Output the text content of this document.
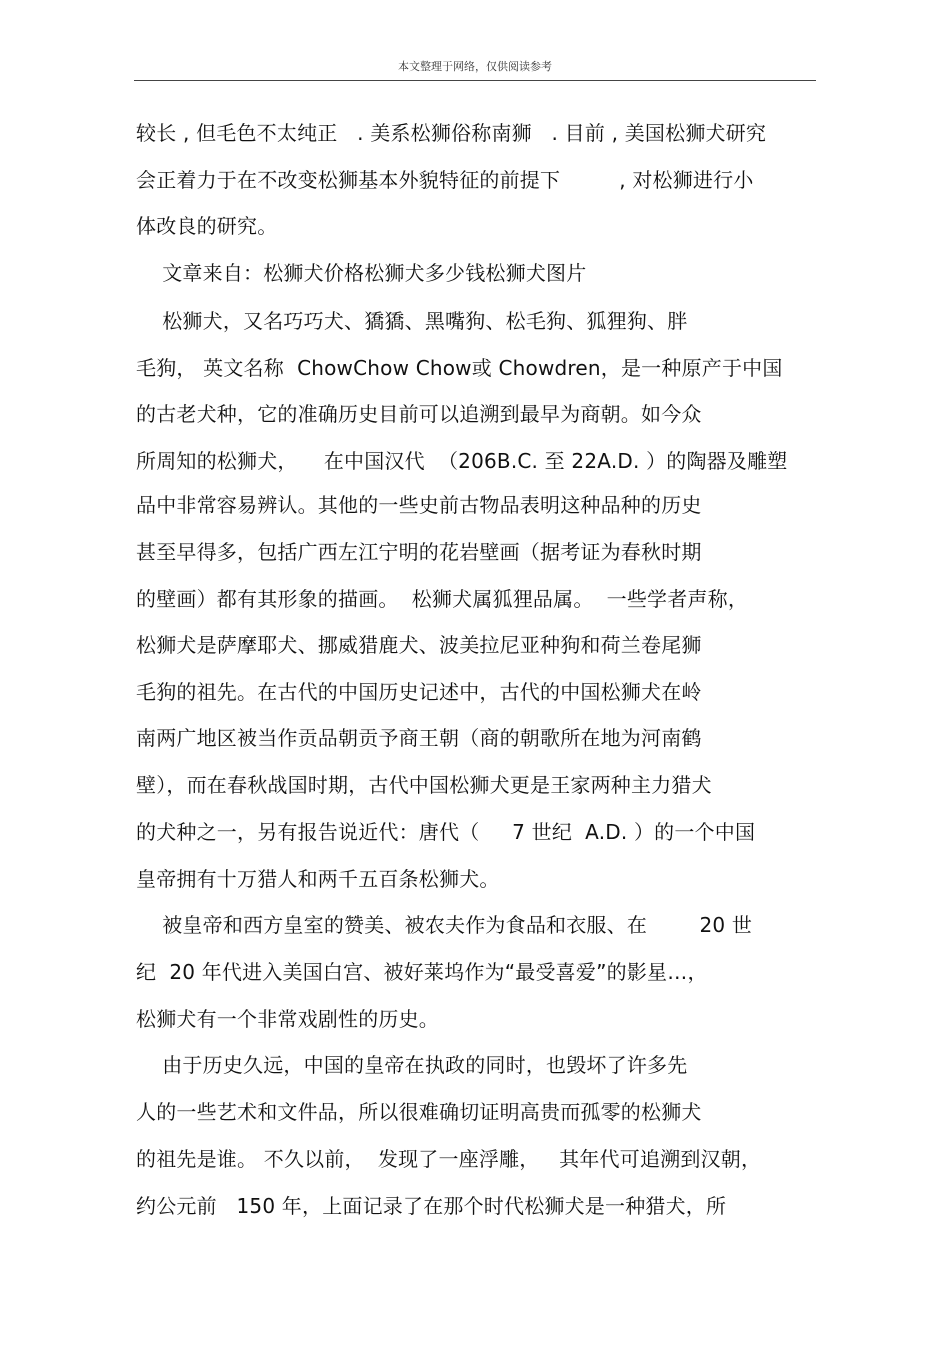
本文整理于网络，仅供阅读参考
较长 , 但毛色不太纯正   . 美系松狮俗称南狮   . 目前 , 美国松狮犬研究
会正着力于在不改变松狮基本外貌特征的前提下         , 对松狮进行小
体改良的研究。
文章来自：松狮犬价格松狮犬多少钱松狮犬图片
松狮犬，又名巧巧犬、獢獢、黑嘴狗、松毛狗、狐狸狗、胖
毛狗， 英文名称  ChowChow Chow或 Chowdren，是一种原产于中国
的古老犬种，它的准确历史目前可以追溯到最早为商朝。如今众
所周知的松狮犬，    在中国汉代  （206B.C. 至 22A.D. ）的陶器及雕塑
品中非常容易辨认。其他的一些史前古物品表明这种品种的历史
甚至早得多，包括广西左江宁明的花岩壁画（据考证为春秋时期
的壁画）都有其形象的描画。  松狮犬属狐狸品属。  一些学者声称，
松狮犬是萨摩耶犬、挪威猎鹿犬、波美拉尼亚种狗和荷兰卷尾狮
毛狗的祖先。在古代的中国历史记述中，古代的中国松狮犬在岭
南两广地区被当作贡品朝贡予商王朝（商的朝歌所在地为河南鹤
壁），而在春秋战国时期，古代中国松狮犬更是王家两种主力猎犬
的犬种之一，另有报告说近代：唐代（     7 世纪  A.D. ）的一个中国
皇帝拥有十万猎人和两千五百条松狮犬。
被皇帝和西方皇室的赞美、被农夫作为食品和衣服、在        20 世
纪  20 年代进入美国白宫、被好莱坞作为“最受喜爱”的影星…，
松狮犬有一个非常戏剧性的历史。
由于历史久远，中国的皇帝在执政的同时，也毁坏了许多先
人的一些艺术和文件品，所以很难确切证明高贵而孤零的松狮犬
的祖先是谁。 不久以前，  发现了一座浮雕，   其年代可追溯到汉朝，
约公元前   150 年，上面记录了在那个时代松狮犬是一种猎犬，所
